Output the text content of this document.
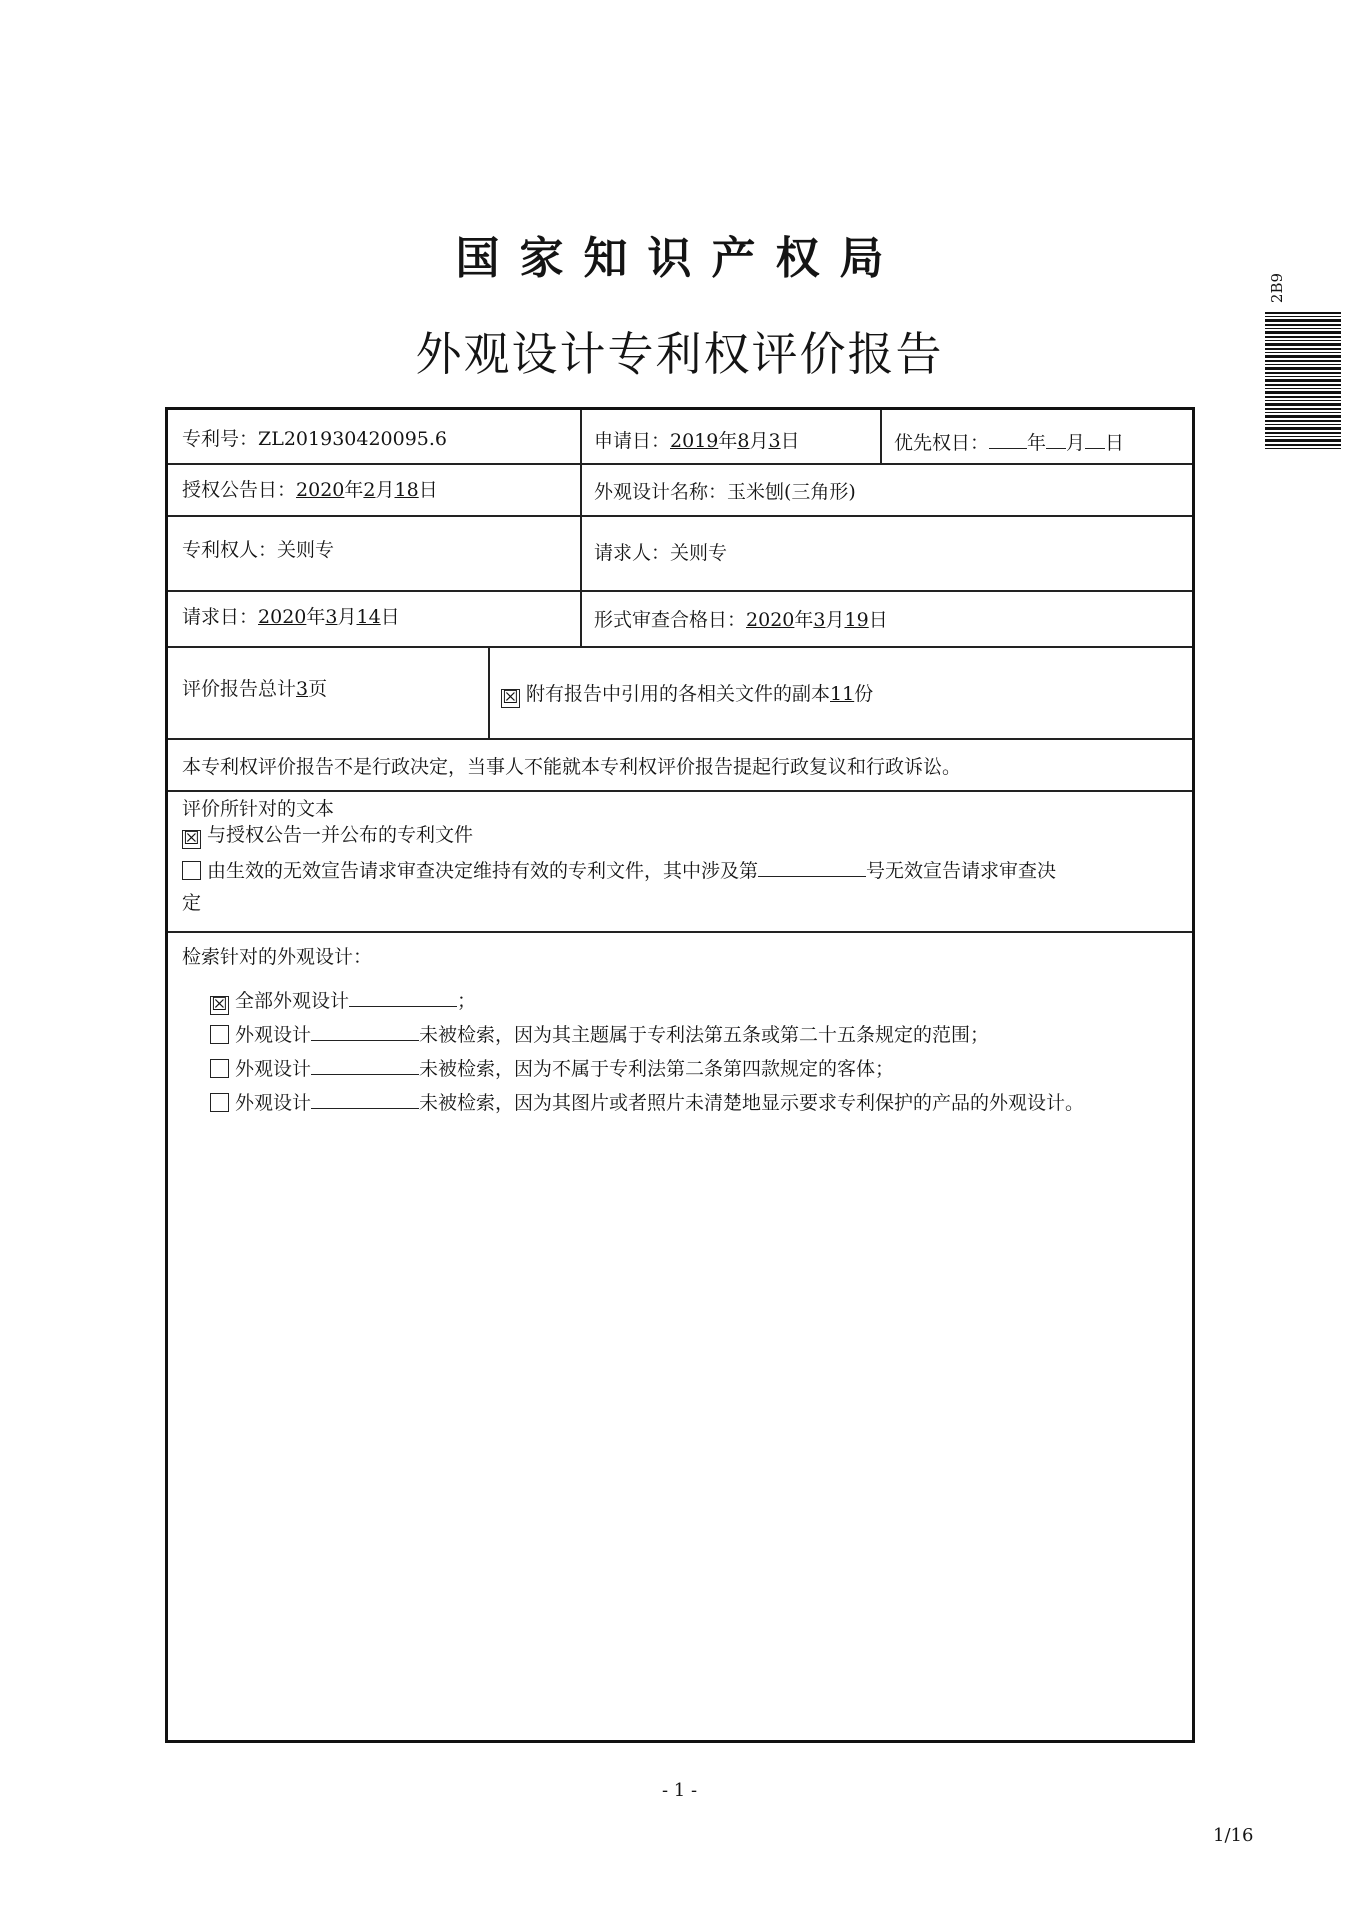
国家知识产权局
外观设计专利权评价报告
2B9
专利号：ZL201930420095.6	申请日：2019年8月3日	优先权日： 年 月 日
授权公告日：2020年2月18日	外观设计名称：玉米刨(三角形)
专利权人：关则专	请求人：关则专
请求日：2020年3月14日	形式审查合格日：2020年3月19日
评价报告总计3页	☒ 附有报告中引用的各相关文件的副本11份
本专利权评价报告不是行政决定，当事人不能就本专利权评价报告提起行政复议和行政诉讼。
评价所针对的文本
☒ 与授权公告一并公布的专利文件
由生效的无效宣告请求审查决定维持有效的专利文件，其中涉及第	号无效宣告请求审查决
定
检索针对的外观设计：
☒ 全部外观设计	；
外观设计	未被检索，因为其主题属于专利法第五条或第二十五条规定的范围；
外观设计	未被检索，因为不属于专利法第二条第四款规定的客体；
外观设计	未被检索，因为其图片或者照片未清楚地显示要求专利保护的产品的外观设计。
- 1 -
1/16
